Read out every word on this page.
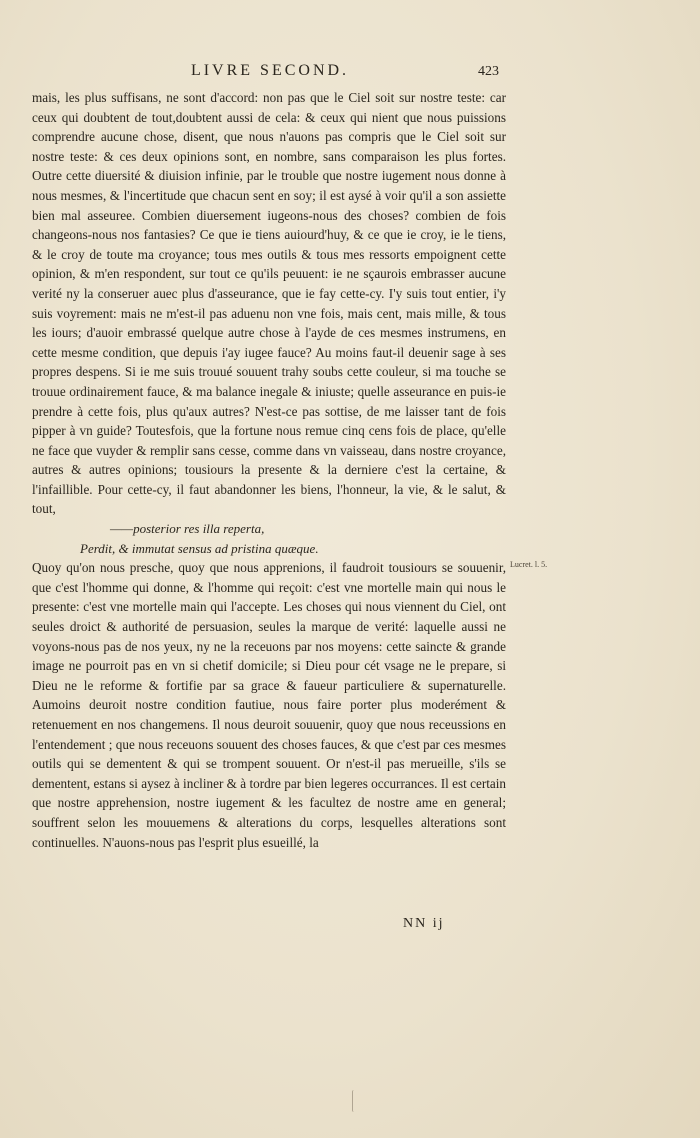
LIVRE SECOND.	423

mais, les plus suffisans, ne sont d'accord: non pas que le Ciel soit sur nostre teste: car ceux qui doubtent de tout,doubtent aussi de cela: & ceux qui nient que nous puissions comprendre aucune chose, disent, que nous n'auons pas compris que le Ciel soit sur nostre teste: & ces deux opinions sont, en nombre, sans comparaison les plus fortes. Outre cette diuersité & diuision infinie, par le trouble que nostre iugement nous donne à nous mesmes, & l'incertitude que chacun sent en soy; il est aysé à voir qu'il a son assiette bien mal asseuree. Combien diuersement iugeons-nous des choses? combien de fois changeons-nous nos fantasies? Ce que ie tiens auiourd'huy, & ce que ie croy, ie le tiens, & le croy de toute ma croyance; tous mes outils & tous mes ressorts empoignent cette opinion, & m'en respondent, sur tout ce qu'ils peuuent: ie ne sçaurois embrasser aucune verité ny la conseruer auec plus d'asseurance, que ie fay cette-cy. I'y suis tout entier, i'y suis voyrement: mais ne m'est-il pas aduenu non vne fois, mais cent, mais mille, & tous les iours; d'auoir embrassé quelque autre chose à l'ayde de ces mesmes instrumens, en cette mesme condition, que depuis i'ay iugee fauce? Au moins faut-il deuenir sage à ses propres despens. Si ie me suis trouué souuent trahy soubs cette couleur, si ma touche se trouue ordinairement fauce, & ma balance inegale & iniuste; quelle asseurance en puis-ie prendre à cette fois, plus qu'aux autres? N'est-ce pas sottise, de me laisser tant de fois pipper à vn guide? Toutesfois, que la fortune nous remue cinq cens fois de place, qu'elle ne face que vuyder & remplir sans cesse, comme dans vn vaisseau, dans nostre croyance, autres & autres opinions; tousiours la presente & la derniere c'est la certaine, & l'infaillible. Pour cette-cy, il faut abandonner les biens, l'honneur, la vie, & le salut, & tout,

——posterior res illa reperta,

Perdit, & immutat sensus ad pristina quæque.

Quoy qu'on nous presche, quoy que nous apprenions, il faudroit tousiours se souuenir, que c'est l'homme qui donne, & l'homme qui reçoit: c'est vne mortelle main qui nous le presente: c'est vne mortelle main qui l'accepte. Les choses qui nous viennent du Ciel, ont seules droict & authorité de persuasion, seules la marque de verité: laquelle aussi ne voyons-nous pas de nos yeux, ny ne la receuons par nos moyens: cette saincte & grande image ne pourroit pas en vn si chetif domicile; si Dieu pour cét vsage ne le prepare, si Dieu ne le reforme & fortifie par sa grace & faueur particuliere & supernaturelle. Aumoins deuroit nostre condition fautiue, nous faire porter plus moderément & retenuement en nos changemens. Il nous deuroit souuenir, quoy que nous receussions en l'entendement ; que nous receuons souuent des choses fauces, & que c'est par ces mesmes outils qui se dementent & qui se trompent souuent. Or n'est-il pas merueille, s'ils se dementent, estans si aysez à incliner & à tordre par bien legeres occurrances. Il est certain que nostre apprehension, nostre iugement & les facultez de nostre ame en general; souffrent selon les mouuemens & alterations du corps, lesquelles alterations sont continuelles. N'auons-nous pas l'esprit plus esueillé, la

Lucret. l. 5.
NN ij
